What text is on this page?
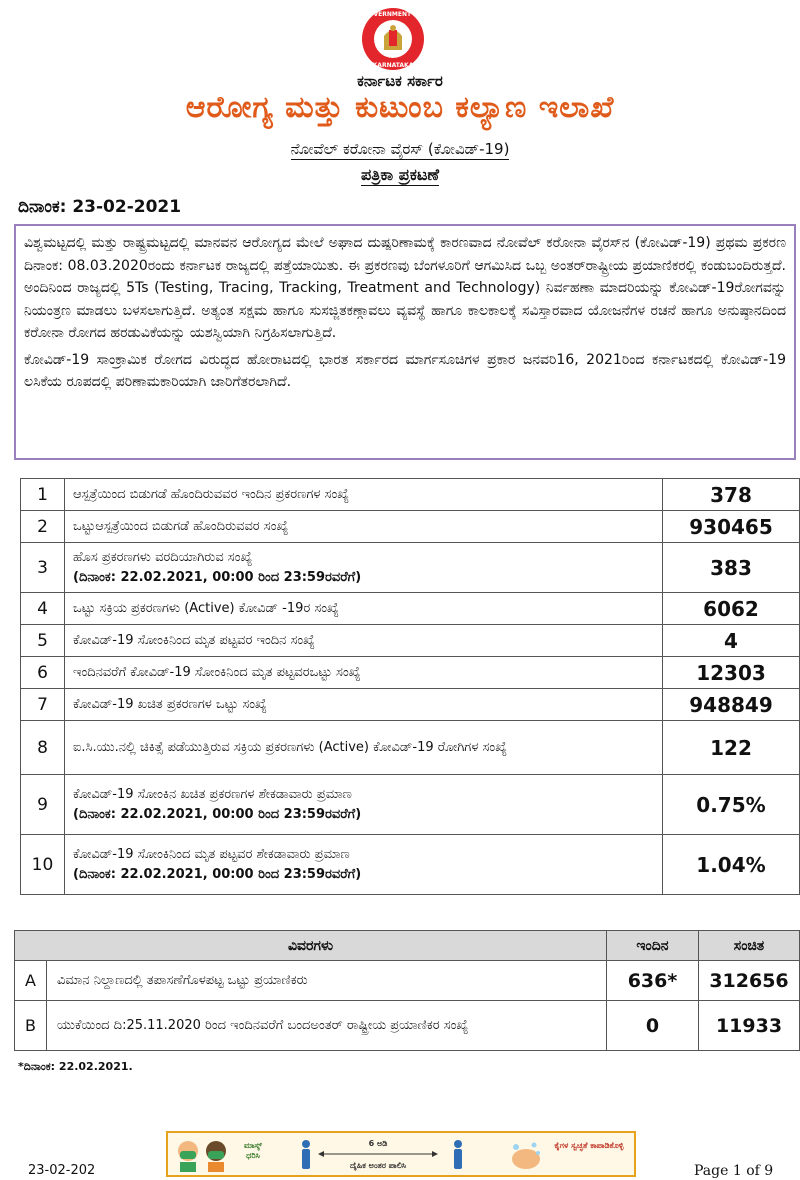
GOVERNMENT OF
KARNATAKA
ಕರ್ನಾಟಕ ಸರ್ಕಾರ
ಆರೋಗ್ಯ ಮತ್ತು ಕುಟುಂಬ ಕಲ್ಯಾಣ ಇಲಾಖೆ
ನೋವೆಲ್ ಕರೋನಾ ವೈರಸ್ (ಕೋವಿಡ್-19)
ಪತ್ರಿಕಾ ಪ್ರಕಟಣೆ
ದಿನಾಂಕ: 23-02-2021

ವಿಶ್ವಮಟ್ಟದಲ್ಲಿ ಮತ್ತು ರಾಷ್ಟ್ರಮಟ್ಟದಲ್ಲಿ ಮಾನವನ ಆರೋಗ್ಯದ ಮೇಲೆ ಅಘಾದ ದುಷ್ಪರಿಣಾಮಕ್ಕೆ ಕಾರಣವಾದ ನೋವೆಲ್ ಕರೋನಾ ವೈರಸ್‌ನ (ಕೋವಿಡ್-19) ಪ್ರಥಮ ಪ್ರಕರಣ ದಿನಾಂಕ: 08.03.2020ರಂದು ಕರ್ನಾಟಕ ರಾಜ್ಯದಲ್ಲಿ ಪತ್ತೆಯಾಯಿತು. ಈ ಪ್ರಕರಣವು ಬೆಂಗಳೂರಿಗೆ ಆಗಮಿಸಿದ ಒಬ್ಬ ಅಂತರ್‌ರಾಷ್ಟ್ರೀಯ ಪ್ರಯಾಣಿಕರಲ್ಲಿ ಕಂಡುಬಂದಿರುತ್ತದೆ. ಅಂದಿನಿಂದ ರಾಜ್ಯದಲ್ಲಿ 5Ts (Testing, Tracing, Tracking, Treatment and Technology) ನಿರ್ವಹಣಾ ಮಾದರಿಯನ್ನು ಕೋವಿಡ್-19ರೋಗವನ್ನು ನಿಯಂತ್ರಣ ಮಾಡಲು ಬಳಸಲಾಗುತ್ತಿದೆ. ಅತ್ಯಂತ ಸಕ್ಷಮ ಹಾಗೂ ಸುಸಜ್ಜಿತಕಣ್ಗಾವಲು ವ್ಯವಸ್ಥೆ ಹಾಗೂ ಕಾಲಕಾಲಕ್ಕೆ ಸವಿಸ್ತಾರವಾದ ಯೋಜನೆಗಳ ರಚನೆ ಹಾಗೂ ಅನುಷ್ಠಾನದಿಂದ ಕರೋನಾ ರೋಗದ ಹರಡುವಿಕೆಯನ್ನು ಯಶಸ್ವಿಯಾಗಿ ನಿಗ್ರಹಿಸಲಾಗುತ್ತಿದೆ.

ಕೋವಿಡ್-19 ಸಾಂಕ್ರಾಮಿಕ ರೋಗದ ವಿರುದ್ಧದ ಹೋರಾಟದಲ್ಲಿ ಭಾರತ ಸರ್ಕಾರದ ಮಾರ್ಗಸೂಚಿಗಳ ಪ್ರಕಾರ ಜನವರಿ16, 2021ರಿಂದ ಕರ್ನಾಟಕದಲ್ಲಿ ಕೋವಿಡ್-19 ಲಸಿಕೆಯ ರೂಪದಲ್ಲಿ ಪರಿಣಾಮಕಾರಿಯಾಗಿ ಜಾರಿಗೆತರಲಾಗಿದೆ.

1	ಆಸ್ಪತ್ರೆಯಿಂದ ಬಿಡುಗಡೆ ಹೊಂದಿರುವವರ ಇಂದಿನ ಪ್ರಕರಣಗಳ ಸಂಖ್ಯೆ	378
2	ಒಟ್ಟುಆಸ್ಪತ್ರೆಯಿಂದ ಬಿಡುಗಡೆ ಹೊಂದಿರುವವರ ಸಂಖ್ಯೆ	930465
3	ಹೊಸ ಪ್ರಕರಣಗಳು ವರದಿಯಾಗಿರುವ ಸಂಖ್ಯೆ
(ದಿನಾಂಕ: 22.02.2021, 00:00 ರಿಂದ 23:59ರವರೆಗೆ)	383
4	ಒಟ್ಟು ಸಕ್ರಿಯ ಪ್ರಕರಣಗಳು (Active) ಕೋವಿಡ್ -19ರ ಸಂಖ್ಯೆ	6062
5	ಕೋವಿಡ್-19 ಸೋಂಕಿನಿಂದ ಮೃತ ಪಟ್ಟವರ ಇಂದಿನ ಸಂಖ್ಯೆ	4
6	ಇಂದಿನವರೆಗೆ ಕೋವಿಡ್-19 ಸೋಂಕಿನಿಂದ ಮೃತ ಪಟ್ಟವರಒಟ್ಟು ಸಂಖ್ಯೆ	12303
7	ಕೋವಿಡ್-19 ಖಚಿತ ಪ್ರಕರಣಗಳ ಒಟ್ಟು ಸಂಖ್ಯೆ	948849
8	ಐ.ಸಿ.ಯು.ನಲ್ಲಿ ಚಿಕಿತ್ಸೆ ಪಡೆಯುತ್ತಿರುವ ಸಕ್ರಿಯ ಪ್ರಕರಣಗಳು (Active) ಕೋವಿಡ್-19 ರೋಗಿಗಳ ಸಂಖ್ಯೆ	122
9	ಕೋವಿಡ್-19 ಸೋಂಕಿನ ಖಚಿತ ಪ್ರಕರಣಗಳ ಶೇಕಡಾವಾರು ಪ್ರಮಾಣ
(ದಿನಾಂಕ: 22.02.2021, 00:00 ರಿಂದ 23:59ರವರೆಗೆ)	0.75%
10	ಕೋವಿಡ್-19 ಸೋಂಕಿನಿಂದ ಮೃತ ಪಟ್ಟವರ ಶೇಕಡಾವಾರು ಪ್ರಮಾಣ
(ದಿನಾಂಕ: 22.02.2021, 00:00 ರಿಂದ 23:59ರವರೆಗೆ)	1.04%
ವಿವರಗಳು		ಇಂದಿನ	ಸಂಚಿತ
A	ವಿಮಾನ ನಿಲ್ದಾಣದಲ್ಲಿ ತಪಾಸಣೆಗೊಳಪಟ್ಟ ಒಟ್ಟು ಪ್ರಯಾಣಿಕರು	636*	312656
B	ಯುಕೆಯಿಂದ ದಿ:25.11.2020 ರಿಂದ ಇಂದಿನವರೆಗೆ ಬಂದಅಂತರ್ ರಾಷ್ಟ್ರೀಯ ಪ್ರಯಾಣಿಕರ ಸಂಖ್ಯೆ	0	11933
*ದಿನಾಂಕ: 22.02.2021.
ಮಾಸ್ಕ್ ಧರಿಸಿ
6 ಅಡಿ
ದೈಹಿಕ ಅಂತರ ಪಾಲಿಸಿ
ಕೈಗಳ ಸ್ವಚ್ಛತೆ ಕಾಪಾಡಿಕೊಳ್ಳಿ
23-02-202	Page 1 of 9
